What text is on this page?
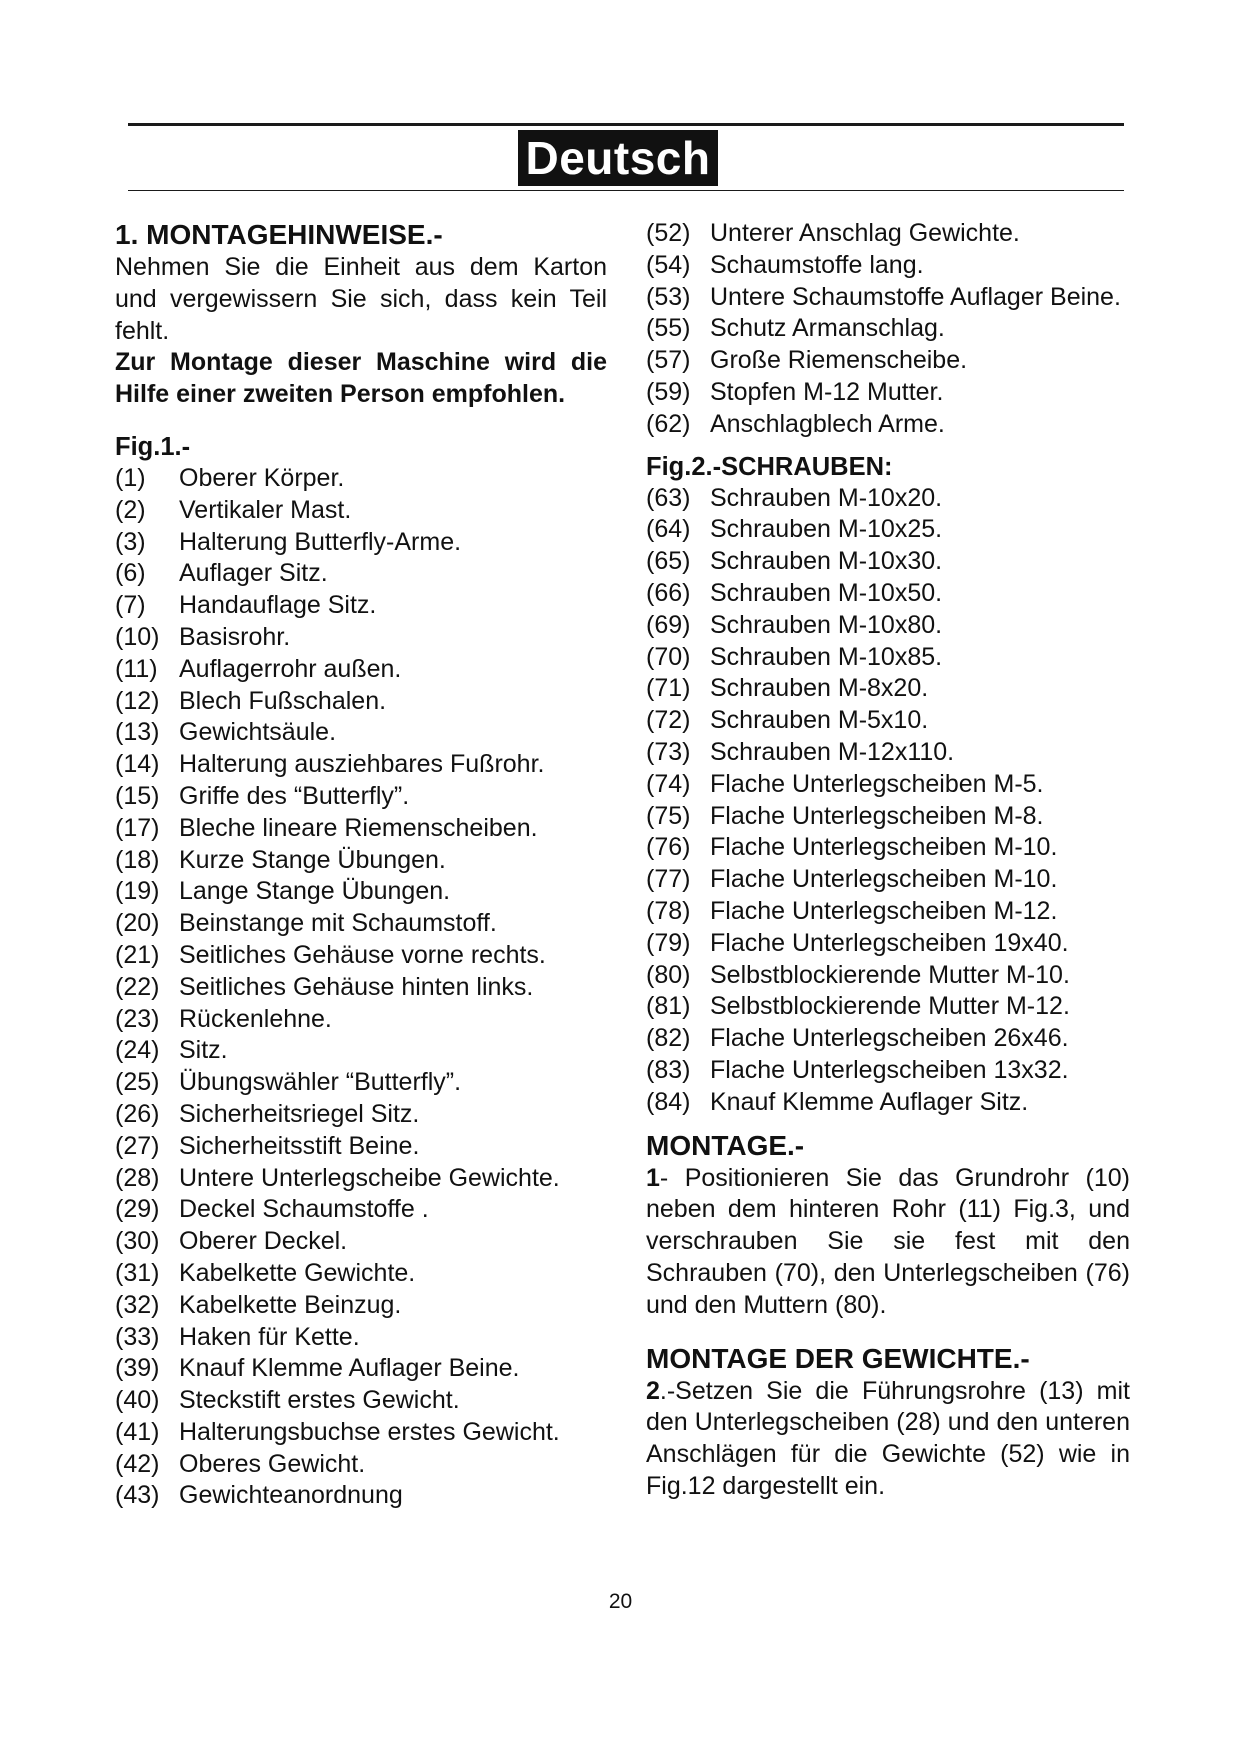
Deutsch
1. MONTAGEHINWEISE.-

Nehmen Sie die Einheit aus dem Karton und vergewissern Sie sich, dass kein Teil fehlt.

Zur Montage dieser Maschine wird die Hilfe einer zweiten Person empfohlen.

Fig.1.-
(1)	Oberer Körper.
(2)	Vertikaler Mast.
(3)	Halterung Butterfly-Arme.
(6)	Auflager Sitz.
(7)	Handauflage Sitz.
(10) Basisrohr.
(11) Auflagerrohr außen.
(12) Blech Fußschalen.
(13) Gewichtsäule.
(14) Halterung ausziehbares Fußrohr.
(15) Griffe des “Butterfly”.
(17) Bleche lineare Riemenscheiben.
(18) Kurze Stange Übungen.
(19) Lange Stange Übungen.
(20) Beinstange mit Schaumstoff.
(21) Seitliches Gehäuse vorne rechts.
(22) Seitliches Gehäuse hinten links.
(23) Rückenlehne.
(24) Sitz.
(25) Übungswähler “Butterfly”.
(26) Sicherheitsriegel Sitz.
(27) Sicherheitsstift Beine.
(28) Untere Unterlegscheibe Gewichte.
(29) Deckel Schaumstoffe .
(30) Oberer Deckel.
(31) Kabelkette Gewichte.
(32) Kabelkette Beinzug.
(33) Haken für Kette.
(39) Knauf Klemme Auflager Beine.
(40) Steckstift erstes Gewicht.
(41) Halterungsbuchse erstes Gewicht.
(42) Oberes Gewicht.
(43) Gewichteanordnung
(52) Unterer Anschlag Gewichte.
(54) Schaumstoffe lang.
(53) Untere Schaumstoffe Auflager Beine.
(55) Schutz Armanschlag.
(57) Große Riemenscheibe.
(59) Stopfen M-12 Mutter.
(62) Anschlagblech Arme.
Fig.2.-SCHRAUBEN:
(63) Schrauben M-10x20.
(64) Schrauben M-10x25.
(65) Schrauben M-10x30.
(66) Schrauben M-10x50.
(69) Schrauben M-10x80.
(70) Schrauben M-10x85.
(71) Schrauben M-8x20.
(72) Schrauben M-5x10.
(73) Schrauben M-12x110.
(74) Flache Unterlegscheiben M-5.
(75) Flache Unterlegscheiben M-8.
(76) Flache Unterlegscheiben M-10.
(77) Flache Unterlegscheiben M-10.
(78) Flache Unterlegscheiben M-12.
(79) Flache Unterlegscheiben 19x40.
(80) Selbstblockierende Mutter M-10.
(81) Selbstblockierende Mutter M-12.
(82) Flache Unterlegscheiben 26x46.
(83) Flache Unterlegscheiben 13x32.
(84) Knauf Klemme Auflager Sitz.
MONTAGE.-

1- Positionieren Sie das Grundrohr (10) neben dem hinteren Rohr (11) Fig.3, und verschrauben Sie sie fest mit den Schrauben (70), den Unterlegscheiben (76) und den Muttern (80).

MONTAGE DER GEWICHTE.-

2.-Setzen Sie die Führungsrohre (13) mit den Unterlegscheiben (28) und den unteren Anschlägen für die Gewichte (52) wie in Fig.12 dargestellt ein.

20
